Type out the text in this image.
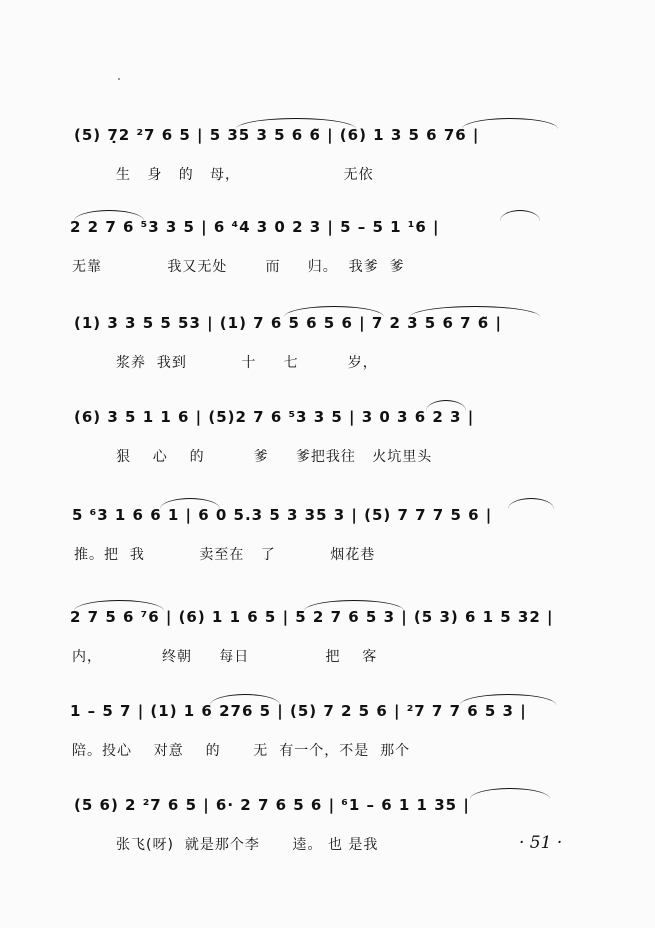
(5) 7̣2 ²7 6 5 | 5 35 3 5 6 6̃ | (6) 1 3 5 6 76 |
生   身   的   母，                   无依
2 2 7 6 ⁵3 3 5 | 6 ⁴4 3 0 2 3 | 5 – 5 1 ¹6 |
无靠            我又无处       而     归。  我爹  爹
(1) 3 3 5 5 53 | (1) 7 6 5 6 5 6 | 7 2 3 5 6 7 6̃ |
浆养  我到          十     七         岁，
(6) 3 5 1 1 6 | (5)2 7 6 ⁵3 3 5 | 3 0 3 6 2 3 |
狠    心    的         爹     爹把我往   火坑里头
5 ⁶3 1 6 6 1 | 6 0 5.3 5 3 35 3 | (5) 7 7 7 5 6 |
推。把  我          卖至在   了          烟花巷
2 7 5 6 ⁷6 | (6) 1 1 6 5 | 5 2 7 6 5 3 | (5 3) 6 1 5 32 |
内，           终朝     每日              把    客
1 – 5 7 | (1) 1 6 276 5 | (5) 7 2 5 6 | ²7 7 7 6 5 3 |
陪。投心    对意    的      无  有一个，不是  那个
(5 6) 2 ²7 6 5 | 6· 2 7 6 5 6 | ⁶1 – 6 1 1 35 |
张飞(呀)  就是那个李      逵。 也 是我	· 51 ·
